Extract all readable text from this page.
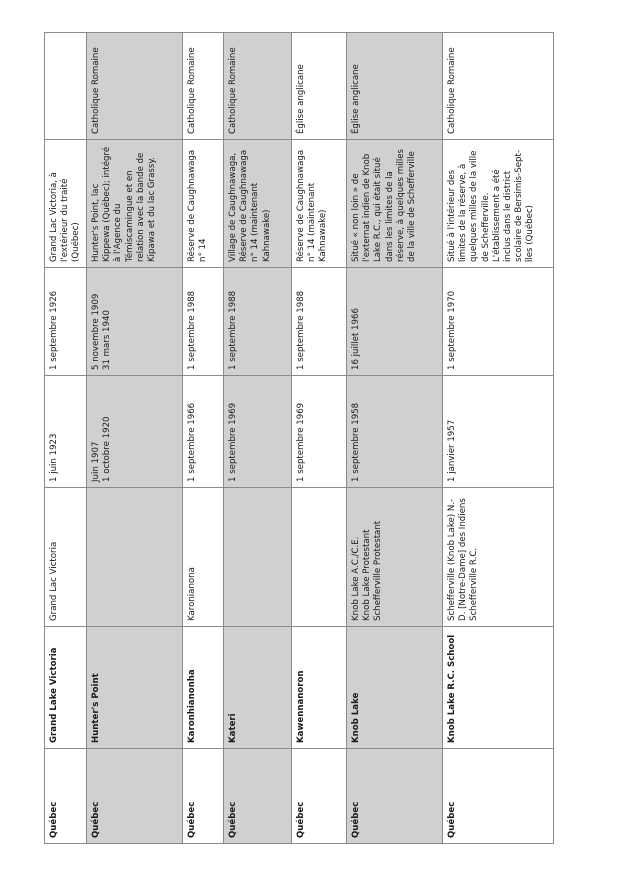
Québec	Grand Lake Victoria	Grand Lac Victoria	1 juin 1923	1 septembre 1926	Grand Lac Victoria, à l'extérieur du traité (Québec)	
Québec	Hunter's Point		Juin 1907 1 octobre 1920	5 novembre 1909 31 mars 1940	Hunter's Point, lac Kippewa (Québec); intégré à l'Agence du Témiscamingue et en relation avec la bande de Kipawa et du lac Grassy.	Catholique Romaine
Québec	Karonhianonha	Karonianona	1 septembre 1966	1 septembre 1988	Réserve de Caughnawaga n° 14	Catholique Romaine
Québec	Kateri		1 septembre 1969	1 septembre 1988	Village de Caughnawaga, Réserve de Caughnawaga n° 14 (maintenant Kahnawake)	Catholique Romaine
Québec	Kawennanoron		1 septembre 1969	1 septembre 1988	Réserve de Caughnawaga n° 14 (maintenant Kahnawake)	Église anglicane
Québec	Knob Lake	Knob Lake A.C./C.E. Knob Lake Protestant Schefferville Protestant	1 septembre 1958	16 juillet 1966	Situé « non loin » de l'externat indien de Knob Lake R.C., qui était situé dans les limites de la réserve, à quelques milles de la ville de Schefferville	Église anglicane
Québec	Knob Lake R.C. School	Schefferville (Knob Lake) N.-D. [Notre-Dame] des Indiens Schefferville R.C.	1 janvier 1957	1 septembre 1970	Situé à l'intérieur des limites de la réserve, à quelques milles de la ville de Schefferville. L'établissement a été inclus dans le district scolaire de Bersimis-Sept-îles (Québec)	Catholique Romaine
